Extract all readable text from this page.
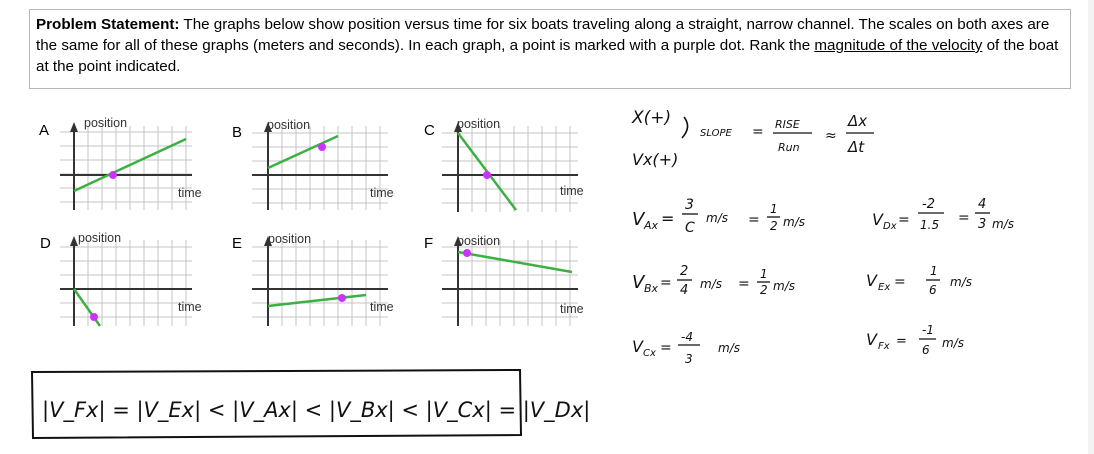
Problem Statement: The graphs below show position versus time for six boats traveling along a straight, narrow channel. The scales on both axes are the same for all of these graphs (meters and seconds). In each graph, a point is marked with a purple dot. Rank the magnitude of the velocity of the boat at the point indicated.
A	position
time
B position
time
C position
time
D position
time
E position
time
F position
time
X(+)
SLOPE = RISE
Run
≈
Δx
Δt
Vx(+)
V Ax =
3
C
m/s =
1
2 m/s	V Dx =
-2
1.5 =
4
3 m/s
V Bx =
2
4 m/s =
1
2 m/s	V Ex =
1
6
m/s
V Cx =
-4
3
m/s	V Fx =
-1
6 m/s
|V_Fx| = |V_Ex| < |V_Ax| < |V_Bx| < |V_Cx| = |V_Dx|
